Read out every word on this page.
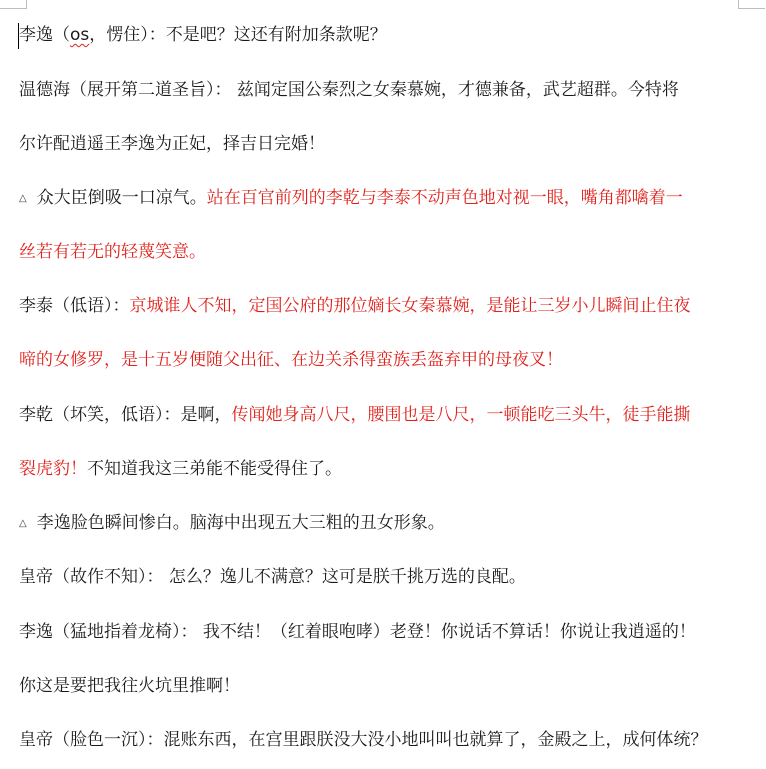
李逸（os，愣住）：不是吧？这还有附加条款呢？
温德海（展开第二道圣旨）： 兹闻定国公秦烈之女秦慕婉，才德兼备，武艺超群。今特将
尔许配逍遥王李逸为正妃，择吉日完婚！
△ 众大臣倒吸一口凉气。站在百官前列的李乾与李泰不动声色地对视一眼，嘴角都噙着一
丝若有若无的轻蔑笑意。
李泰（低语）：京城谁人不知，定国公府的那位嫡长女秦慕婉，是能让三岁小儿瞬间止住夜
啼的女修罗，是十五岁便随父出征、在边关杀得蛮族丢盔弃甲的母夜叉！
李乾（坏笑，低语）：是啊，传闻她身高八尺，腰围也是八尺，一顿能吃三头牛，徒手能撕
裂虎豹！不知道我这三弟能不能受得住了。
△ 李逸脸色瞬间惨白。脑海中出现五大三粗的丑女形象。
皇帝（故作不知）： 怎么？逸儿不满意？这可是朕千挑万选的良配。
李逸（猛地指着龙椅）： 我不结！（红着眼咆哮）老登！你说话不算话！你说让我逍遥的！
你这是要把我往火坑里推啊！
皇帝（脸色一沉）：混账东西，在宫里跟朕没大没小地叫叫也就算了，金殿之上，成何体统？
